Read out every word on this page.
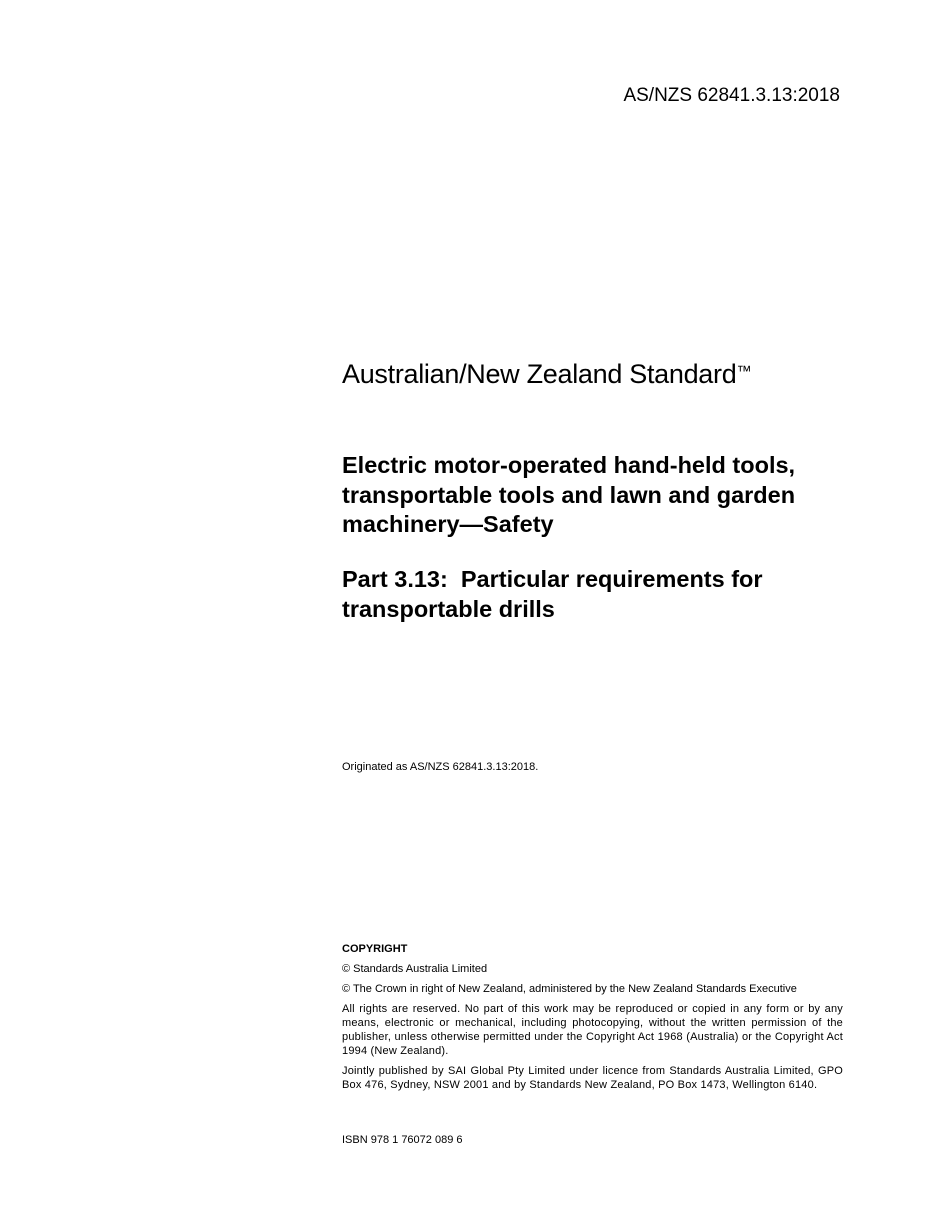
AS/NZS 62841.3.13:2018
Australian/New Zealand Standard™
Electric motor-operated hand-held tools, transportable tools and lawn and garden machinery—Safety
Part 3.13:  Particular requirements for transportable drills
Originated as AS/NZS 62841.3.13:2018.
COPYRIGHT

© Standards Australia Limited

© The Crown in right of New Zealand, administered by the New Zealand Standards Executive

All rights are reserved. No part of this work may be reproduced or copied in any form or by any means, electronic or mechanical, including photocopying, without the written permission of the publisher, unless otherwise permitted under the Copyright Act 1968 (Australia) or the Copyright Act 1994 (New Zealand).

Jointly published by SAI Global Pty Limited under licence from Standards Australia Limited, GPO Box 476, Sydney, NSW 2001 and by Standards New Zealand, PO Box 1473, Wellington 6140.

ISBN 978 1 76072 089 6
